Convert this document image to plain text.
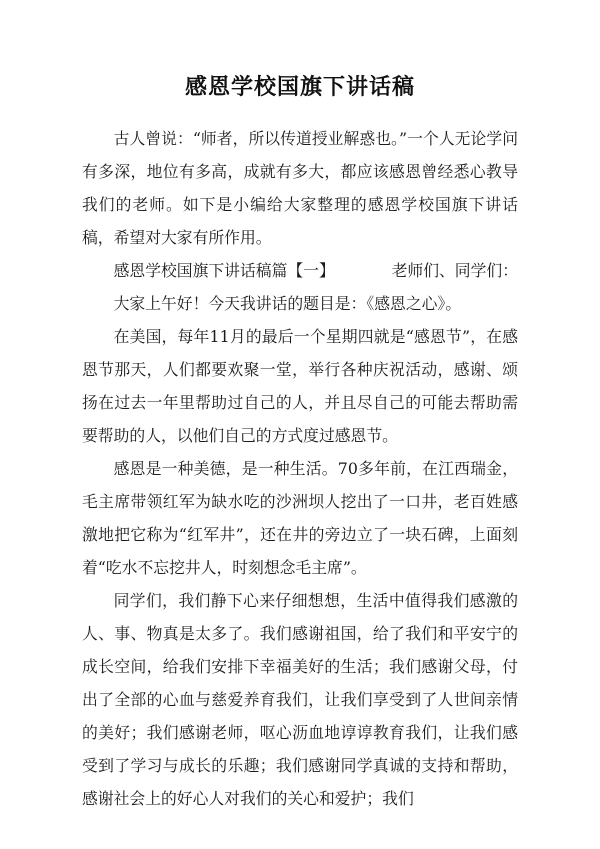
感恩学校国旗下讲话稿

古人曾说：“师者，所以传道授业解惑也。”一个人无论学问有多深，地位有多高，成就有多大，都应该感恩曾经悉心教导我们的老师。如下是小编给大家整理的感恩学校国旗下讲话稿，希望对大家有所作用。

感恩学校国旗下讲话稿篇【一】	老师们、同学们：

大家上午好！今天我讲话的题目是：《感恩之心》。

在美国，每年11月的最后一个星期四就是“感恩节”，在感恩节那天，人们都要欢聚一堂，举行各种庆祝活动，感谢、颂扬在过去一年里帮助过自己的人，并且尽自己的可能去帮助需要帮助的人，以他们自己的方式度过感恩节。

感恩是一种美德，是一种生活。70多年前，在江西瑞金，毛主席带领红军为缺水吃的沙洲坝人挖出了一口井，老百姓感激地把它称为“红军井”，还在井的旁边立了一块石碑，上面刻着“吃水不忘挖井人，时刻想念毛主席”。

同学们，我们静下心来仔细想想，生活中值得我们感激的人、事、物真是太多了。我们感谢祖国，给了我们和平安宁的成长空间，给我们安排下幸福美好的生活；我们感谢父母，付出了全部的心血与慈爱养育我们，让我们享受到了人世间亲情的美好；我们感谢老师，呕心沥血地谆谆教育我们，让我们感受到了学习与成长的乐趣；我们感谢同学真诚的支持和帮助，感谢社会上的好心人对我们的关心和爱护；我们
